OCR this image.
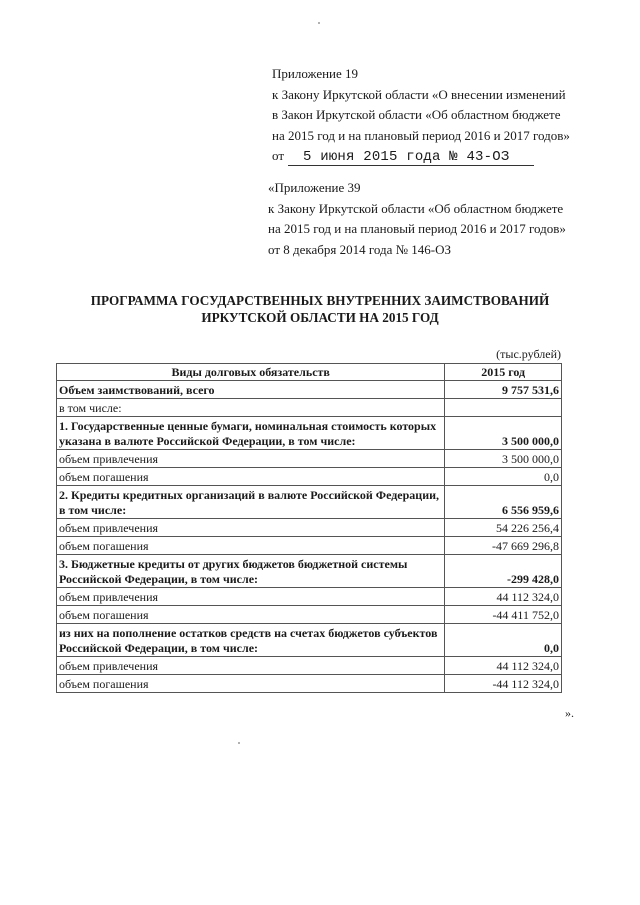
Приложение 19
к Закону Иркутской области «О внесении изменений
в Закон Иркутской области «Об областном бюджете
на 2015 год и на плановый период 2016 и 2017 годов»
от 5 июня 2015 года № 43-ОЗ
«Приложение 39
к Закону Иркутской области «Об областном бюджете
на 2015 год и на плановый период 2016 и 2017 годов»
от 8 декабря 2014 года № 146-ОЗ
ПРОГРАММА ГОСУДАРСТВЕННЫХ ВНУТРЕННИХ ЗАИМСТВОВАНИЙ
ИРКУТСКОЙ ОБЛАСТИ НА 2015 ГОД
(тыс.рублей)
Виды долговых обязательств	2015 год
Объем заимствований, всего	9 757 531,6
в том числе:	
1. Государственные ценные бумаги, номинальная стоимость которых указана в валюте Российской Федерации, в том числе:	3 500 000,0
объем привлечения	3 500 000,0
объем погашения	0,0
2. Кредиты кредитных организаций в валюте Российской Федерации, в том числе:	6 556 959,6
объем привлечения	54 226 256,4
объем погашения	-47 669 296,8
3. Бюджетные кредиты от других бюджетов бюджетной системы Российской Федерации, в том числе:	-299 428,0
объем привлечения	44 112 324,0
объем погашения	-44 411 752,0
из них на пополнение остатков средств на счетах бюджетов субъектов Российской Федерации, в том числе:	0,0
объем привлечения	44 112 324,0
объем погашения	-44 112 324,0
».
